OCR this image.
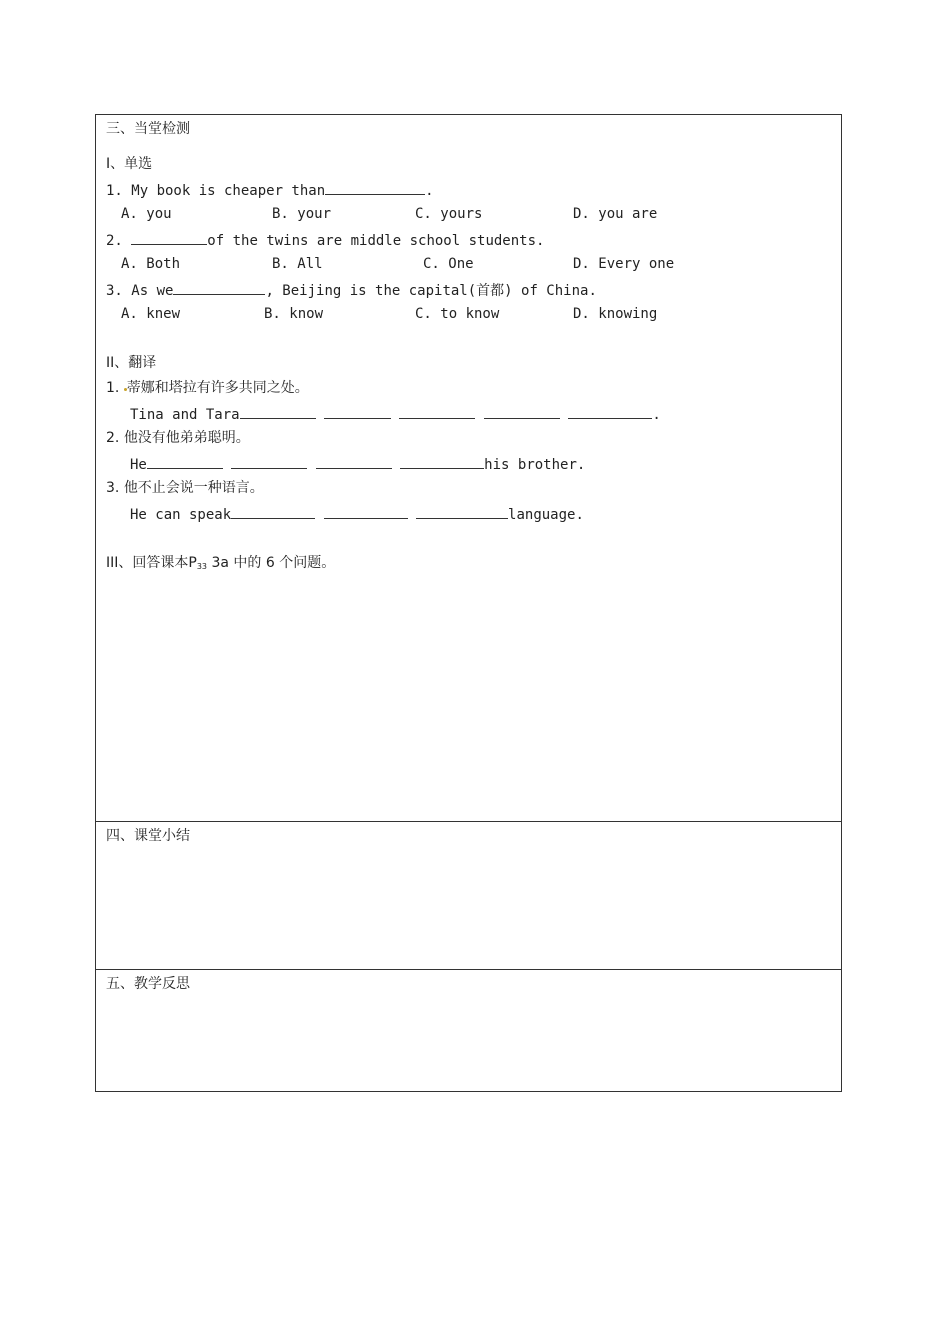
三、当堂检测
I、单选
1. My book is cheaper than	.
A. you	B. your	C. yours	D. you are
2.	of the twins are middle school students.
A. Both	B. All	C. One	D. Every one
3. As we	, Beijing is the capital(首都) of China.
A. knew	B. know	C. to know	D. knowing
II、翻译
1. 蒂娜和塔拉有许多共同之处。
Tina and Tara	.
2. 他没有他弟弟聪明。
He	his brother.
3. 他不止会说一种语言。
He can speak	language.
III、回答课本$P_{33}$ 3a 中的 6 个问题。
四、课堂小结
五、教学反思
